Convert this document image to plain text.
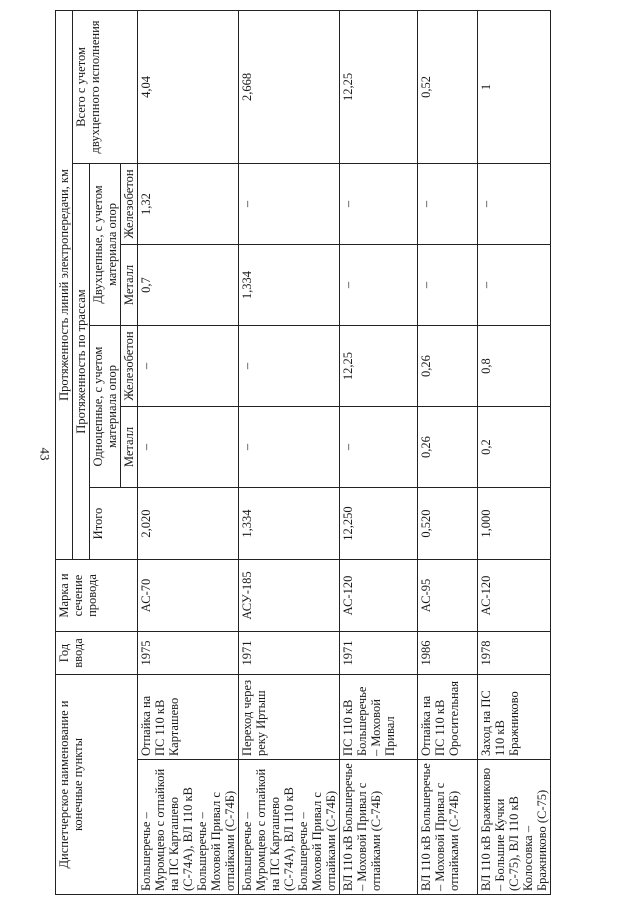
43
Диспетчерское наименование и конечные пункты		Год ввода	Марка и сечение провода	Протяженность линий электропередачи, км					
				Протяженность по трассам					Всего с учетом двухцепного исполнения
				Итого	Одноцепные, с учетом материала опор		Двухцепные, с учетом материала опор		
					Металл	Железобетон	Металл	Железобетон	
Большеречье – Муромцево с отпайкой на ПС Карташево (С-74А), ВЛ 110 кВ Большеречье – Моховой Привал с отпайками (С-74Б)	Отпайка на ПС 110 кВ Карташево	1975	АС-70	2,020	–	–	0,7	1,32	4,04
Большеречье – Муромцево с отпайкой на ПС Карташево (С-74А), ВЛ 110 кВ Большеречье – Моховой Привал с отпайками (С-74Б)	Переход через реку Иртыш	1971	АСУ-185	1,334	–	–	1,334	–	2,668
ВЛ 110 кВ Большеречье – Моховой Привал с отпайками (С-74Б)	ПС 110 кВ Большеречье – Моховой Привал	1971	АС-120	12,250	–	12,25	–	–	12,25
ВЛ 110 кВ Большеречье – Моховой Привал с отпайками (С-74Б)	Отпайка на ПС 110 кВ Оросительная	1986	АС-95	0,520	0,26	0,26	–	–	0,52
ВЛ 110 кВ Бражниково – Большие Кучки (С-75), ВЛ 110 кВ Колосовка – Бражниково (С-75)	Заход на ПС 110 кВ Бражниково	1978	АС-120	1,000	0,2	0,8	–	–	1
